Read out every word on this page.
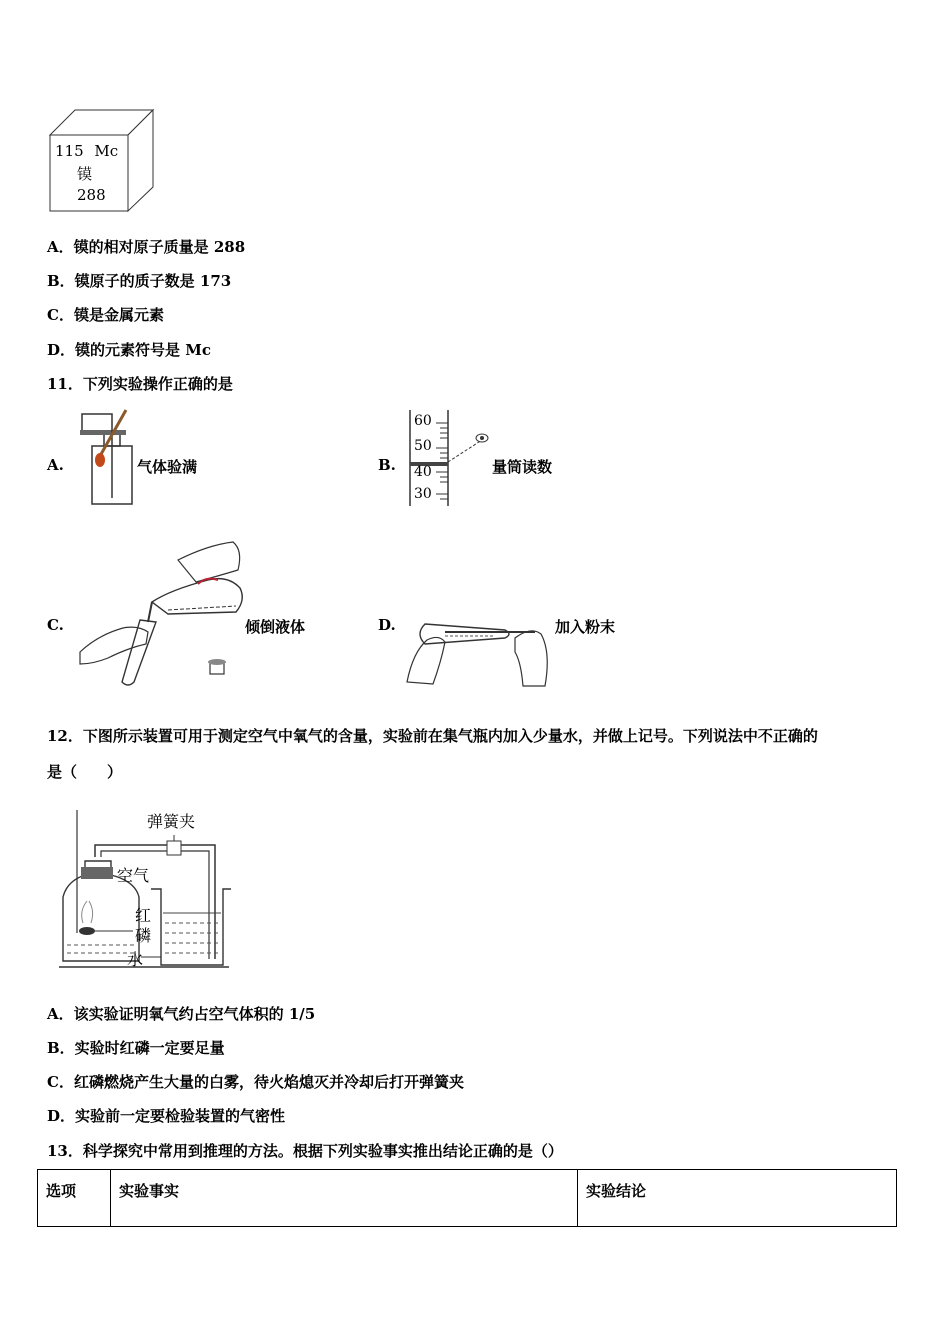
115 Mc
镆
288
A．镆的相对原子质量是 288
B．镆原子的质子数是 173
C．镆是金属元素
D．镆的元素符号是 Mc
11．下列实验操作正确的是
A.	气体验满	B.
60
50
40
30
量筒读数
C.	倾倒液体	D.	加入粉末
12．下图所示装置可用于测定空气中氧气的含量，实验前在集气瓶内加入少量水，并做上记号。下列说法中不正确的
是（　　）
弹簧夹
空气
红
磷
水
A．该实验证明氧气约占空气体积的 1/5
B．实验时红磷一定要足量
C．红磷燃烧产生大量的白雾，待火焰熄灭并冷却后打开弹簧夹
D．实验前一定要检验装置的气密性
13．科学探究中常用到推理的方法。根据下列实验事实推出结论正确的是（）
选项	实验事实	实验结论
